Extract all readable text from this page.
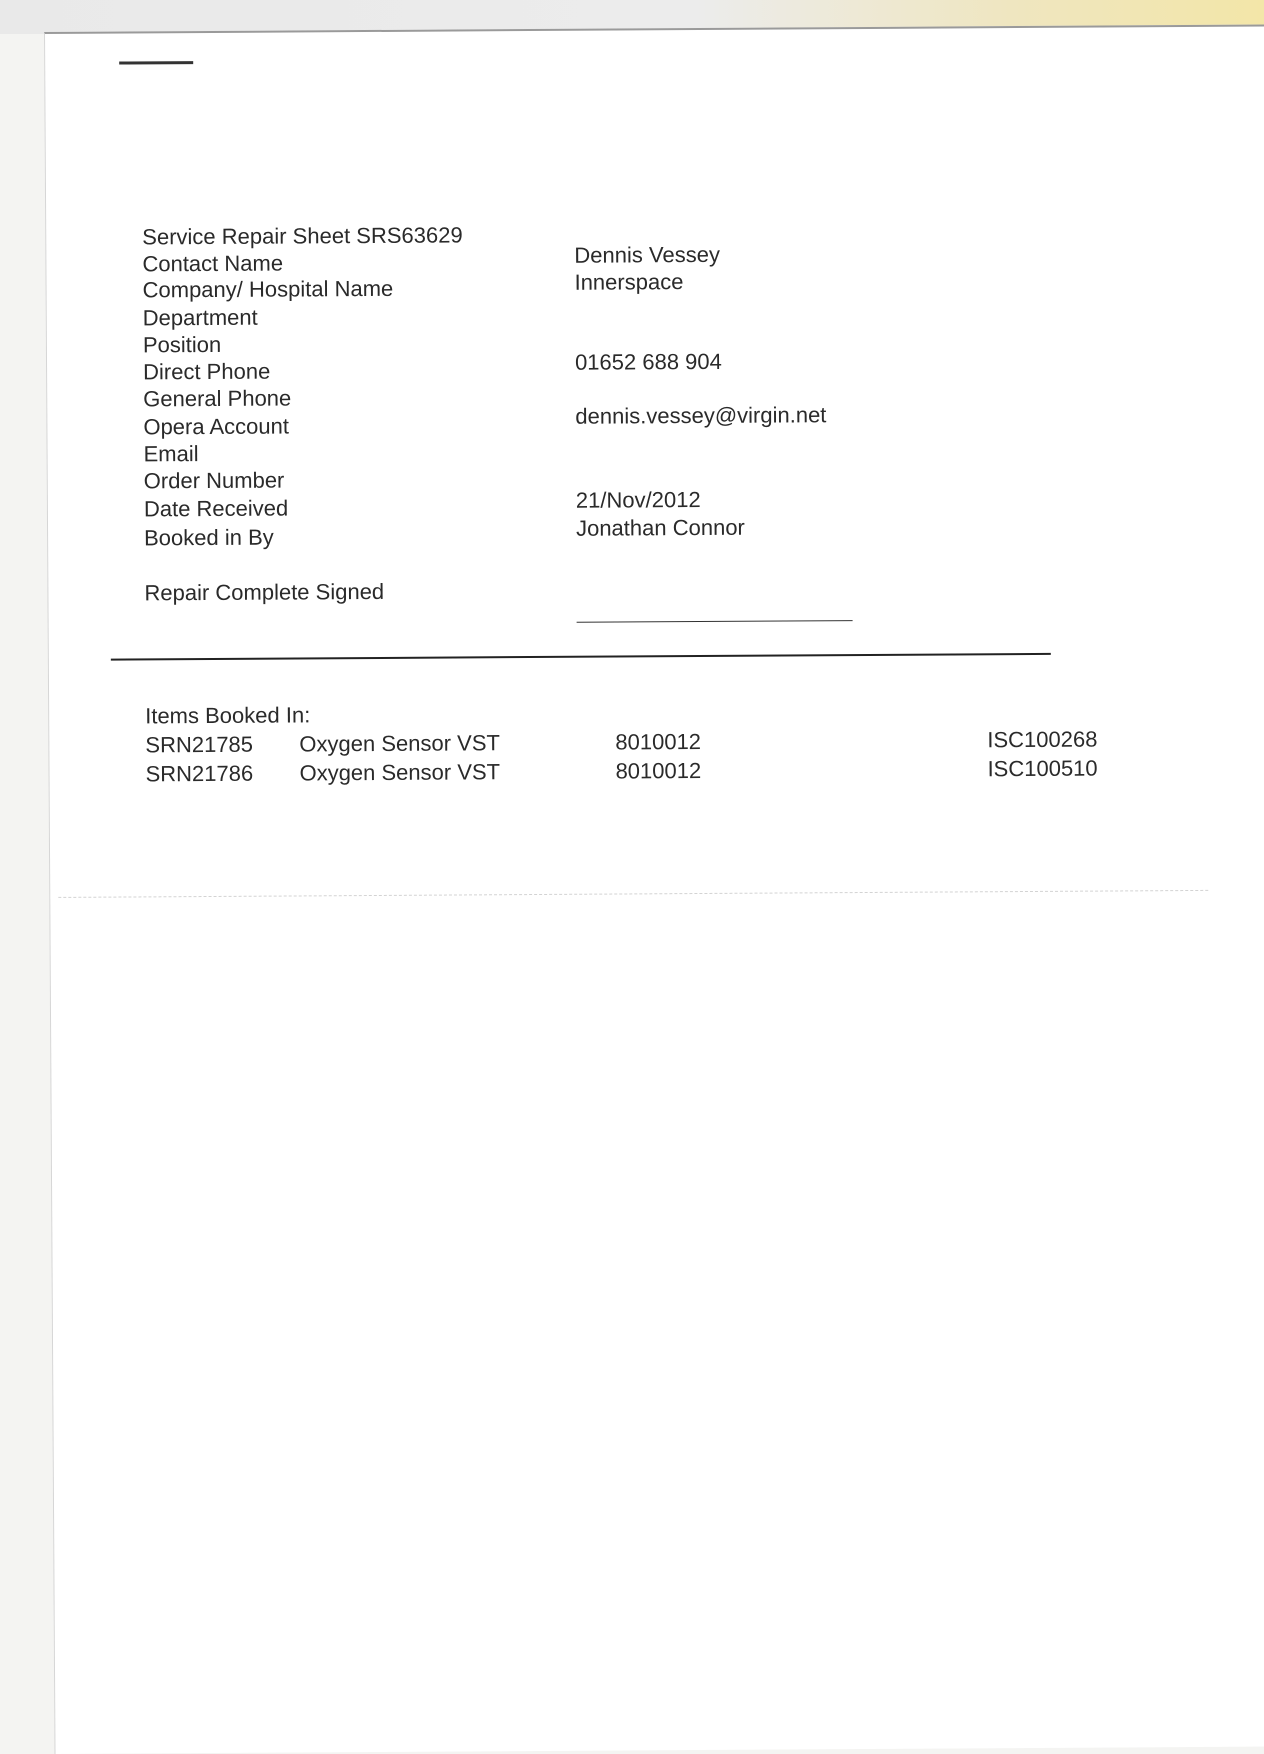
Service Repair Sheet SRS63629
Contact Name	Dennis Vessey
Company/ Hospital Name	Innerspace
Department
Position
Direct Phone	01652 688 904
General Phone
Opera Account	dennis.vessey@virgin.net
Email
Order Number
Date Received	21/Nov/2012
Booked in By	Jonathan Connor
Repair Complete Signed
Items Booked In:
SRN21785 Oxygen Sensor VST	8010012	ISC100268
SRN21786 Oxygen Sensor VST	8010012	ISC100510
